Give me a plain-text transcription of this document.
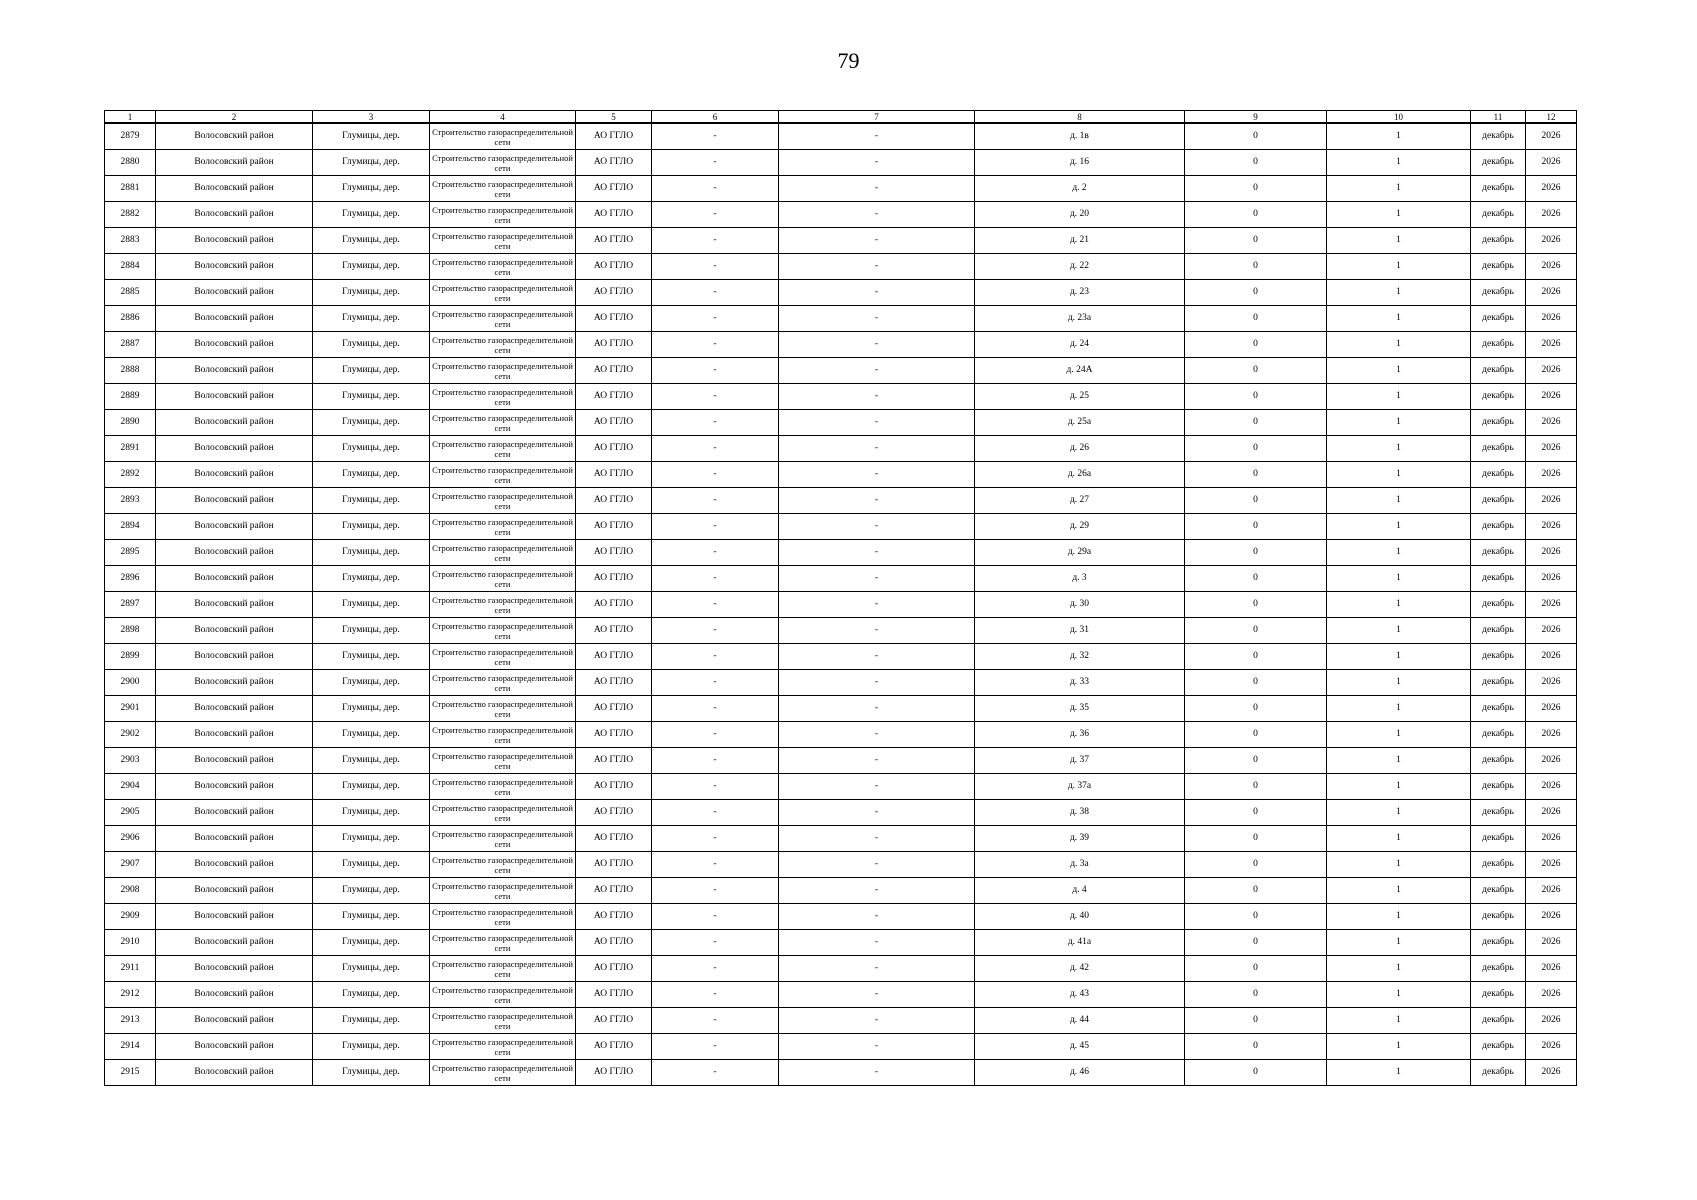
79
1	2	3	4	5	6	7	8	9	10	11	12
2879	Волосовский район	Глумицы, дер.	Строительство газораспределительной сети	АО ГГЛО	-	-	д. 1в	0	1	декабрь	2026
2880	Волосовский район	Глумицы, дер.	Строительство газораспределительной сети	АО ГГЛО	-	-	д. 16	0	1	декабрь	2026
2881	Волосовский район	Глумицы, дер.	Строительство газораспределительной сети	АО ГГЛО	-	-	д. 2	0	1	декабрь	2026
2882	Волосовский район	Глумицы, дер.	Строительство газораспределительной сети	АО ГГЛО	-	-	д. 20	0	1	декабрь	2026
2883	Волосовский район	Глумицы, дер.	Строительство газораспределительной сети	АО ГГЛО	-	-	д. 21	0	1	декабрь	2026
2884	Волосовский район	Глумицы, дер.	Строительство газораспределительной сети	АО ГГЛО	-	-	д. 22	0	1	декабрь	2026
2885	Волосовский район	Глумицы, дер.	Строительство газораспределительной сети	АО ГГЛО	-	-	д. 23	0	1	декабрь	2026
2886	Волосовский район	Глумицы, дер.	Строительство газораспределительной сети	АО ГГЛО	-	-	д. 23а	0	1	декабрь	2026
2887	Волосовский район	Глумицы, дер.	Строительство газораспределительной сети	АО ГГЛО	-	-	д. 24	0	1	декабрь	2026
2888	Волосовский район	Глумицы, дер.	Строительство газораспределительной сети	АО ГГЛО	-	-	д. 24А	0	1	декабрь	2026
2889	Волосовский район	Глумицы, дер.	Строительство газораспределительной сети	АО ГГЛО	-	-	д. 25	0	1	декабрь	2026
2890	Волосовский район	Глумицы, дер.	Строительство газораспределительной сети	АО ГГЛО	-	-	д. 25а	0	1	декабрь	2026
2891	Волосовский район	Глумицы, дер.	Строительство газораспределительной сети	АО ГГЛО	-	-	д. 26	0	1	декабрь	2026
2892	Волосовский район	Глумицы, дер.	Строительство газораспределительной сети	АО ГГЛО	-	-	д. 26а	0	1	декабрь	2026
2893	Волосовский район	Глумицы, дер.	Строительство газораспределительной сети	АО ГГЛО	-	-	д. 27	0	1	декабрь	2026
2894	Волосовский район	Глумицы, дер.	Строительство газораспределительной сети	АО ГГЛО	-	-	д. 29	0	1	декабрь	2026
2895	Волосовский район	Глумицы, дер.	Строительство газораспределительной сети	АО ГГЛО	-	-	д. 29а	0	1	декабрь	2026
2896	Волосовский район	Глумицы, дер.	Строительство газораспределительной сети	АО ГГЛО	-	-	д. 3	0	1	декабрь	2026
2897	Волосовский район	Глумицы, дер.	Строительство газораспределительной сети	АО ГГЛО	-	-	д. 30	0	1	декабрь	2026
2898	Волосовский район	Глумицы, дер.	Строительство газораспределительной сети	АО ГГЛО	-	-	д. 31	0	1	декабрь	2026
2899	Волосовский район	Глумицы, дер.	Строительство газораспределительной сети	АО ГГЛО	-	-	д. 32	0	1	декабрь	2026
2900	Волосовский район	Глумицы, дер.	Строительство газораспределительной сети	АО ГГЛО	-	-	д. 33	0	1	декабрь	2026
2901	Волосовский район	Глумицы, дер.	Строительство газораспределительной сети	АО ГГЛО	-	-	д. 35	0	1	декабрь	2026
2902	Волосовский район	Глумицы, дер.	Строительство газораспределительной сети	АО ГГЛО	-	-	д. 36	0	1	декабрь	2026
2903	Волосовский район	Глумицы, дер.	Строительство газораспределительной сети	АО ГГЛО	-	-	д. 37	0	1	декабрь	2026
2904	Волосовский район	Глумицы, дер.	Строительство газораспределительной сети	АО ГГЛО	-	-	д. 37а	0	1	декабрь	2026
2905	Волосовский район	Глумицы, дер.	Строительство газораспределительной сети	АО ГГЛО	-	-	д. 38	0	1	декабрь	2026
2906	Волосовский район	Глумицы, дер.	Строительство газораспределительной сети	АО ГГЛО	-	-	д. 39	0	1	декабрь	2026
2907	Волосовский район	Глумицы, дер.	Строительство газораспределительной сети	АО ГГЛО	-	-	д. 3а	0	1	декабрь	2026
2908	Волосовский район	Глумицы, дер.	Строительство газораспределительной сети	АО ГГЛО	-	-	д. 4	0	1	декабрь	2026
2909	Волосовский район	Глумицы, дер.	Строительство газораспределительной сети	АО ГГЛО	-	-	д. 40	0	1	декабрь	2026
2910	Волосовский район	Глумицы, дер.	Строительство газораспределительной сети	АО ГГЛО	-	-	д. 41а	0	1	декабрь	2026
2911	Волосовский район	Глумицы, дер.	Строительство газораспределительной сети	АО ГГЛО	-	-	д. 42	0	1	декабрь	2026
2912	Волосовский район	Глумицы, дер.	Строительство газораспределительной сети	АО ГГЛО	-	-	д. 43	0	1	декабрь	2026
2913	Волосовский район	Глумицы, дер.	Строительство газораспределительной сети	АО ГГЛО	-	-	д. 44	0	1	декабрь	2026
2914	Волосовский район	Глумицы, дер.	Строительство газораспределительной сети	АО ГГЛО	-	-	д. 45	0	1	декабрь	2026
2915	Волосовский район	Глумицы, дер.	Строительство газораспределительной сети	АО ГГЛО	-	-	д. 46	0	1	декабрь	2026
